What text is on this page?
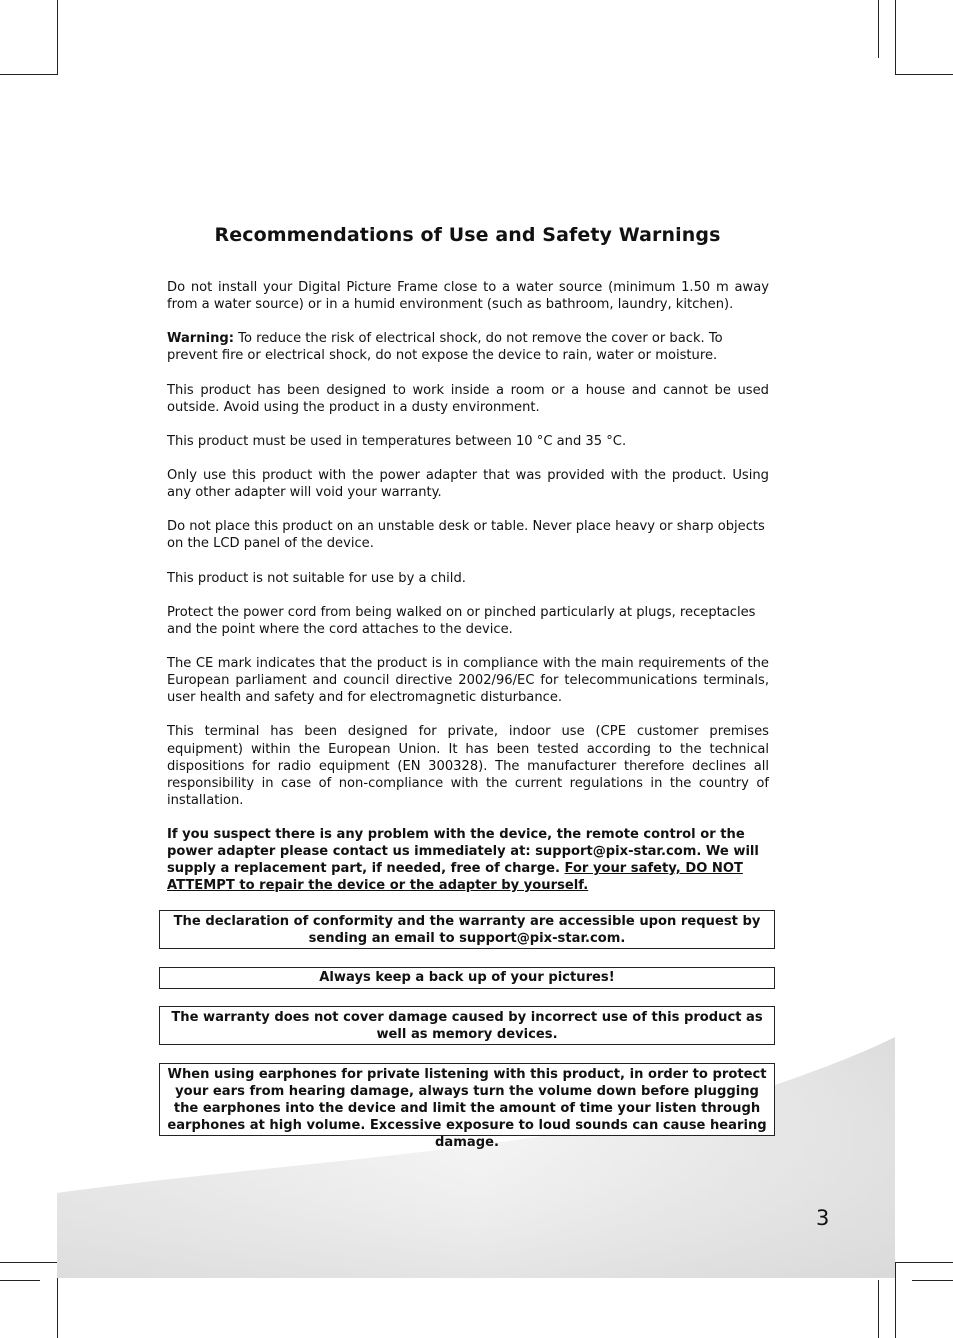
Recommendations of Use and Safety Warnings

Do not install your Digital Picture Frame close to a water source (minimum 1.50 m away from a water source) or in a humid environment (such as bathroom, laundry, kitchen).

Warning: To reduce the risk of electrical shock, do not remove the cover or back. To prevent fire or electrical shock, do not expose the device to rain, water or moisture.

This product has been designed to work inside a room or a house and cannot be used outside. Avoid using the product in a dusty environment.

This product must be used in temperatures between 10 °C and 35 °C.

Only use this product with the power adapter that was provided with the product. Using any other adapter will void your warranty.

Do not place this product on an unstable desk or table. Never place heavy or sharp objects on the LCD panel of the device.

This product is not suitable for use by a child.

Protect the power cord from being walked on or pinched particularly at plugs, receptacles and the point where the cord attaches to the device.

The CE mark indicates that the product is in compliance with the main requirements of the European parliament and council directive 2002/96/EC for telecommunications terminals, user health and safety and for electromagnetic disturbance.

This terminal has been designed for private, indoor use (CPE customer premises equipment) within the European Union. It has been tested according to the technical dispositions for radio equipment (EN 300328). The manufacturer therefore declines all responsibility in case of non-compliance with the current regulations in the country of installation.

If you suspect there is any problem with the device, the remote control or the power adapter please contact us immediately at: support@pix-star.com. We will supply a replacement part, if needed, free of charge. For your safety, DO NOT ATTEMPT to repair the device or the adapter by yourself.

The declaration of conformity and the warranty are accessible upon request by sending an email to support@pix-star.com.
Always keep a back up of your pictures!
The warranty does not cover damage caused by incorrect use of this product as well as memory devices.
When using earphones for private listening with this product, in order to protect your ears from hearing damage, always turn the volume down before plugging the earphones into the device and limit the amount of time your listen through earphones at high volume. Excessive exposure to loud sounds can cause hearing damage.
3
